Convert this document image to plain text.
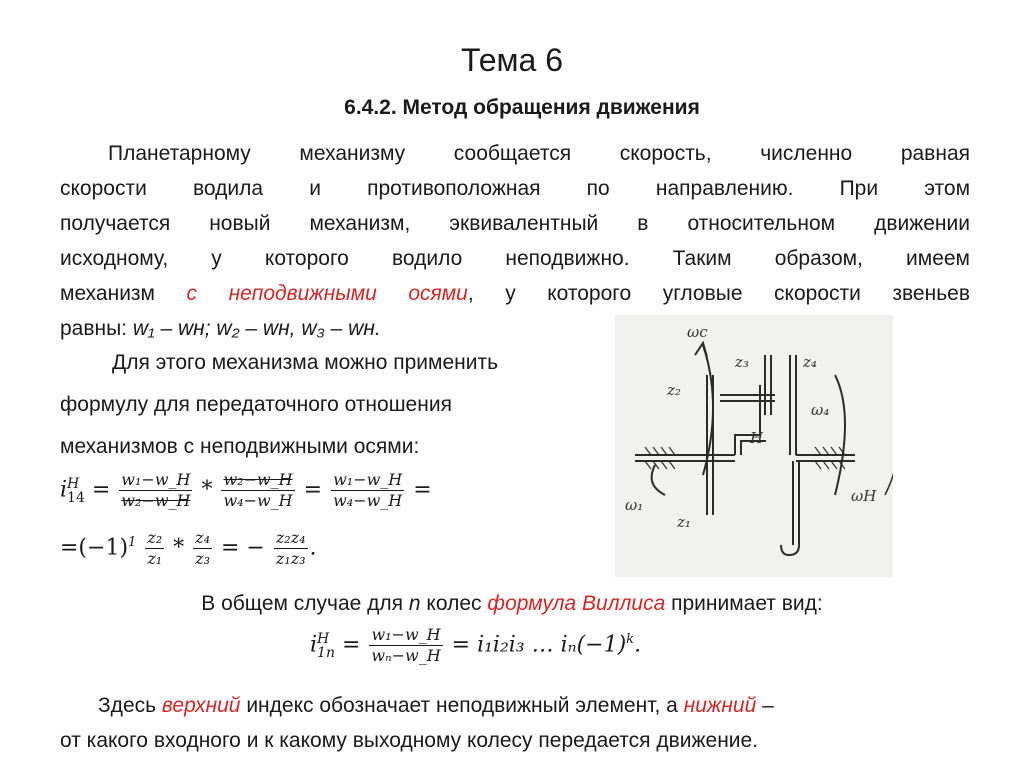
Тема 6
6.4.2. Метод обращения движения
Планетарному механизму сообщается скорость, численно равная
скорости водила и противоположная по направлению. При этом
получается новый механизм, эквивалентный в относительном движении
исходному, у которого водило неподвижно. Таким образом, имеем
механизм с неподвижными осями, у которого угловые скорости звеньев
равны: w₁ – wн; w₂ – wн, w₃ – wн.
Для этого механизма можно применить
формулу для передаточного отношения
механизмов с неподвижными осями:
i H
$14 = \frac{\text{w₁−w\_H}}{\text{w₂−w\_H}} * \frac{\text{w₂−w\_H}}{\text{w₄−w\_H}} = \frac{\text{w₁−w\_H}}{\text{w₄−w\_H}}$ =
$=(-1)^1 \frac{\text{z₂}}{\text{z₁}} * \frac{\text{z₄}}{\text{z₃}}$ = − $\frac{\text{z₂z₄}}{\text{z₁z₃}}$ .
В общем случае для n колес формула Виллиса принимает вид:
i H
$1n = \frac{\text{w₁−w\_H}}{\text{wₙ−w\_H}} = i_1i_2i_3$ … $i_n(-1)^k$.
Здесь верхний индекс обозначает неподвижный элемент, а нижний –
от какого входного и к какому выходному колесу передается движение.
ωc
z₃	z₄
z₂
ω₄
H
ω₁
z₁
ωH
